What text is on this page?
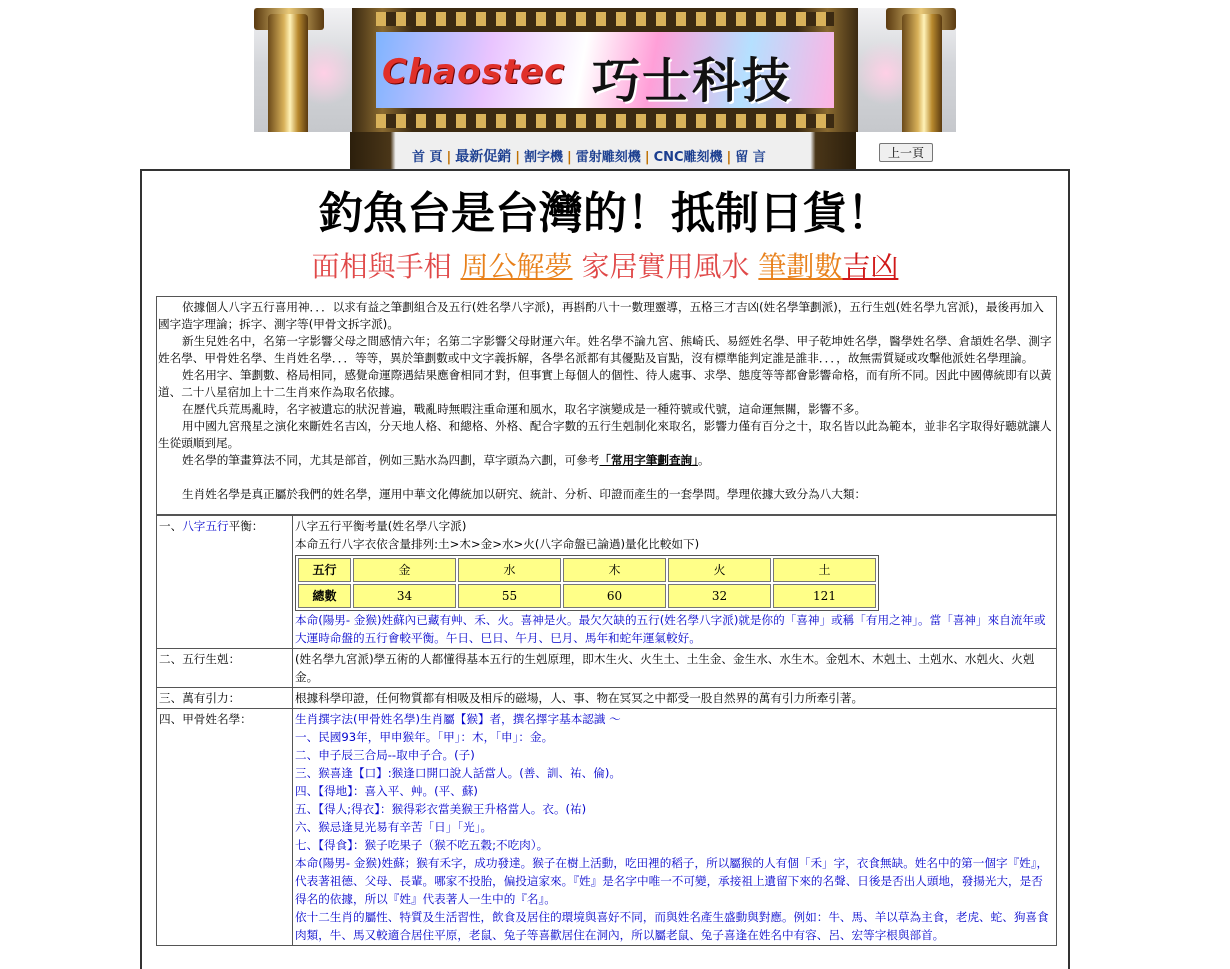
Chaostec 巧士科技
首 頁 | 最新促銷 | 割字機 | 雷射雕刻機 | CNC雕刻機 | 留 言	上一頁
釣魚台是台灣的！抵制日貨！
面相與手相 周公解夢 家居實用風水 筆劃數吉凶

依據個人八字五行喜用神．．．以求有益之筆劃組合及五行(姓名學八字派)，再斟酌八十一數理靈導，五格三才吉凶(姓名學筆劃派)，五行生剋(姓名學九宮派)，最後再加入國字造字理論；拆字、測字等(甲骨文拆字派)。

新生兒姓名中，名第一字影響父母之間感情六年；名第二字影響父母財運六年。姓名學不論九宮、熊崎氏、易經姓名學、甲子乾坤姓名學，醫學姓名學、倉頡姓名學、測字姓名學、甲骨姓名學、生肖姓名學．．．等等，異於筆劃數或中文字義拆解，各學名派都有其優點及盲點，沒有標準能判定誰是誰非．．．，故無需質疑或攻擊他派姓名學理論。

姓名用字、筆劃數、格局相同，感覺命運際遇結果應會相同才對，但事實上每個人的個性、待人處事、求學、態度等等都會影響命格，而有所不同。因此中國傳統即有以黃道、二十八星宿加上十二生肖來作為取名依據。

在歷代兵荒馬亂時，名字被遺忘的狀況普遍，戰亂時無暇注重命運和風水，取名字演變成是一種符號或代號，這命運無關，影響不多。

用中國九宮飛星之演化來斷姓名吉凶，分天地人格、和總格、外格、配合字數的五行生剋制化來取名，影響力僅有百分之十，取名皆以此為範本，並非名字取得好聽就讓人生從頭順到尾。

姓名學的筆畫算法不同，尤其是部首，例如三點水為四劃，草字頭為六劃，可參考「常用字筆劃查詢」。

生肖姓名學是真正屬於我們的姓名學，運用中華文化傳統加以研究、統計、分析、印證而產生的一套學問。學理依據大致分為八大類：

一、八字五行平衡：	八字五行平衡考量(姓名學八字派)
本命五行八字衣依含量排列:土>木>金>水>火(八字命盤已論過)量化比較如下)
五行	金	水	木	火	土
總數	34	55	60	32	121
本命(陽男- 金猴)姓蘇內已藏有艸、禾、火。喜神是火。最欠欠缺的五行(姓名學八字派)就是你的「喜神」或稱「有用之神」。當「喜神」來自流年或大運時命盤的五行會較平衡。午日、巳日、午月、巳月、馬年和蛇年運氣較好。

二、五行生剋：	(姓名學九宮派)學五術的人都懂得基本五行的生剋原理，即木生火、火生土、土生金、金生水、水生木。金剋木、木剋土、土剋水、水剋火、火剋金。
三、萬有引力：	根據科學印證，任何物質都有相吸及相斥的磁場，人、事、物在冥冥之中都受一股自然界的萬有引力所牽引著。
四、甲骨姓名學：	生肖撰字法(甲骨姓名學)生肖屬【猴】者，撰名擇字基本認識 ～
一、民國93年，甲申猴年。「甲」：木，「申」：金。
二、申子辰三合局--取申子合。(子)
三、猴喜逢【口】:猴逢口開口說人話當人。(善、訓、祐、倫)。
四、【得地】：喜入平、艸。(平、蘇)
五、【得人;得衣】：猴得彩衣當美猴王升格當人。衣。(祐)
六、猴忌逢見光易有辛苦「日」「光」。
七、【得食】：猴子吃果子（猴不吃五穀;不吃肉）。
本命(陽男- 金猴)姓蘇；猴有禾字，成功發達。猴子在樹上活動，吃田裡的稻子，所以屬猴的人有個「禾」字，衣食無缺。姓名中的第一個字『姓』，代表著祖德、父母、長輩。哪家不投胎，偏投這家來。『姓』是名字中唯一不可變，承接祖上遺留下來的名聲、日後是否出人頭地，發揚光大，是否得名的依據，所以『姓』代表著人一生中的『名』。
依十二生肖的屬性、特質及生活習性，飲食及居住的環境與喜好不同，而與姓名產生盛動與對應。例如：牛、馬、羊以草為主食，老虎、蛇、狗喜食肉類，牛、馬又較適合居住平原，老鼠、兔子等喜歡居住在洞內，所以屬老鼠、兔子喜逢在姓名中有容、呂、宏等字根與部首。
